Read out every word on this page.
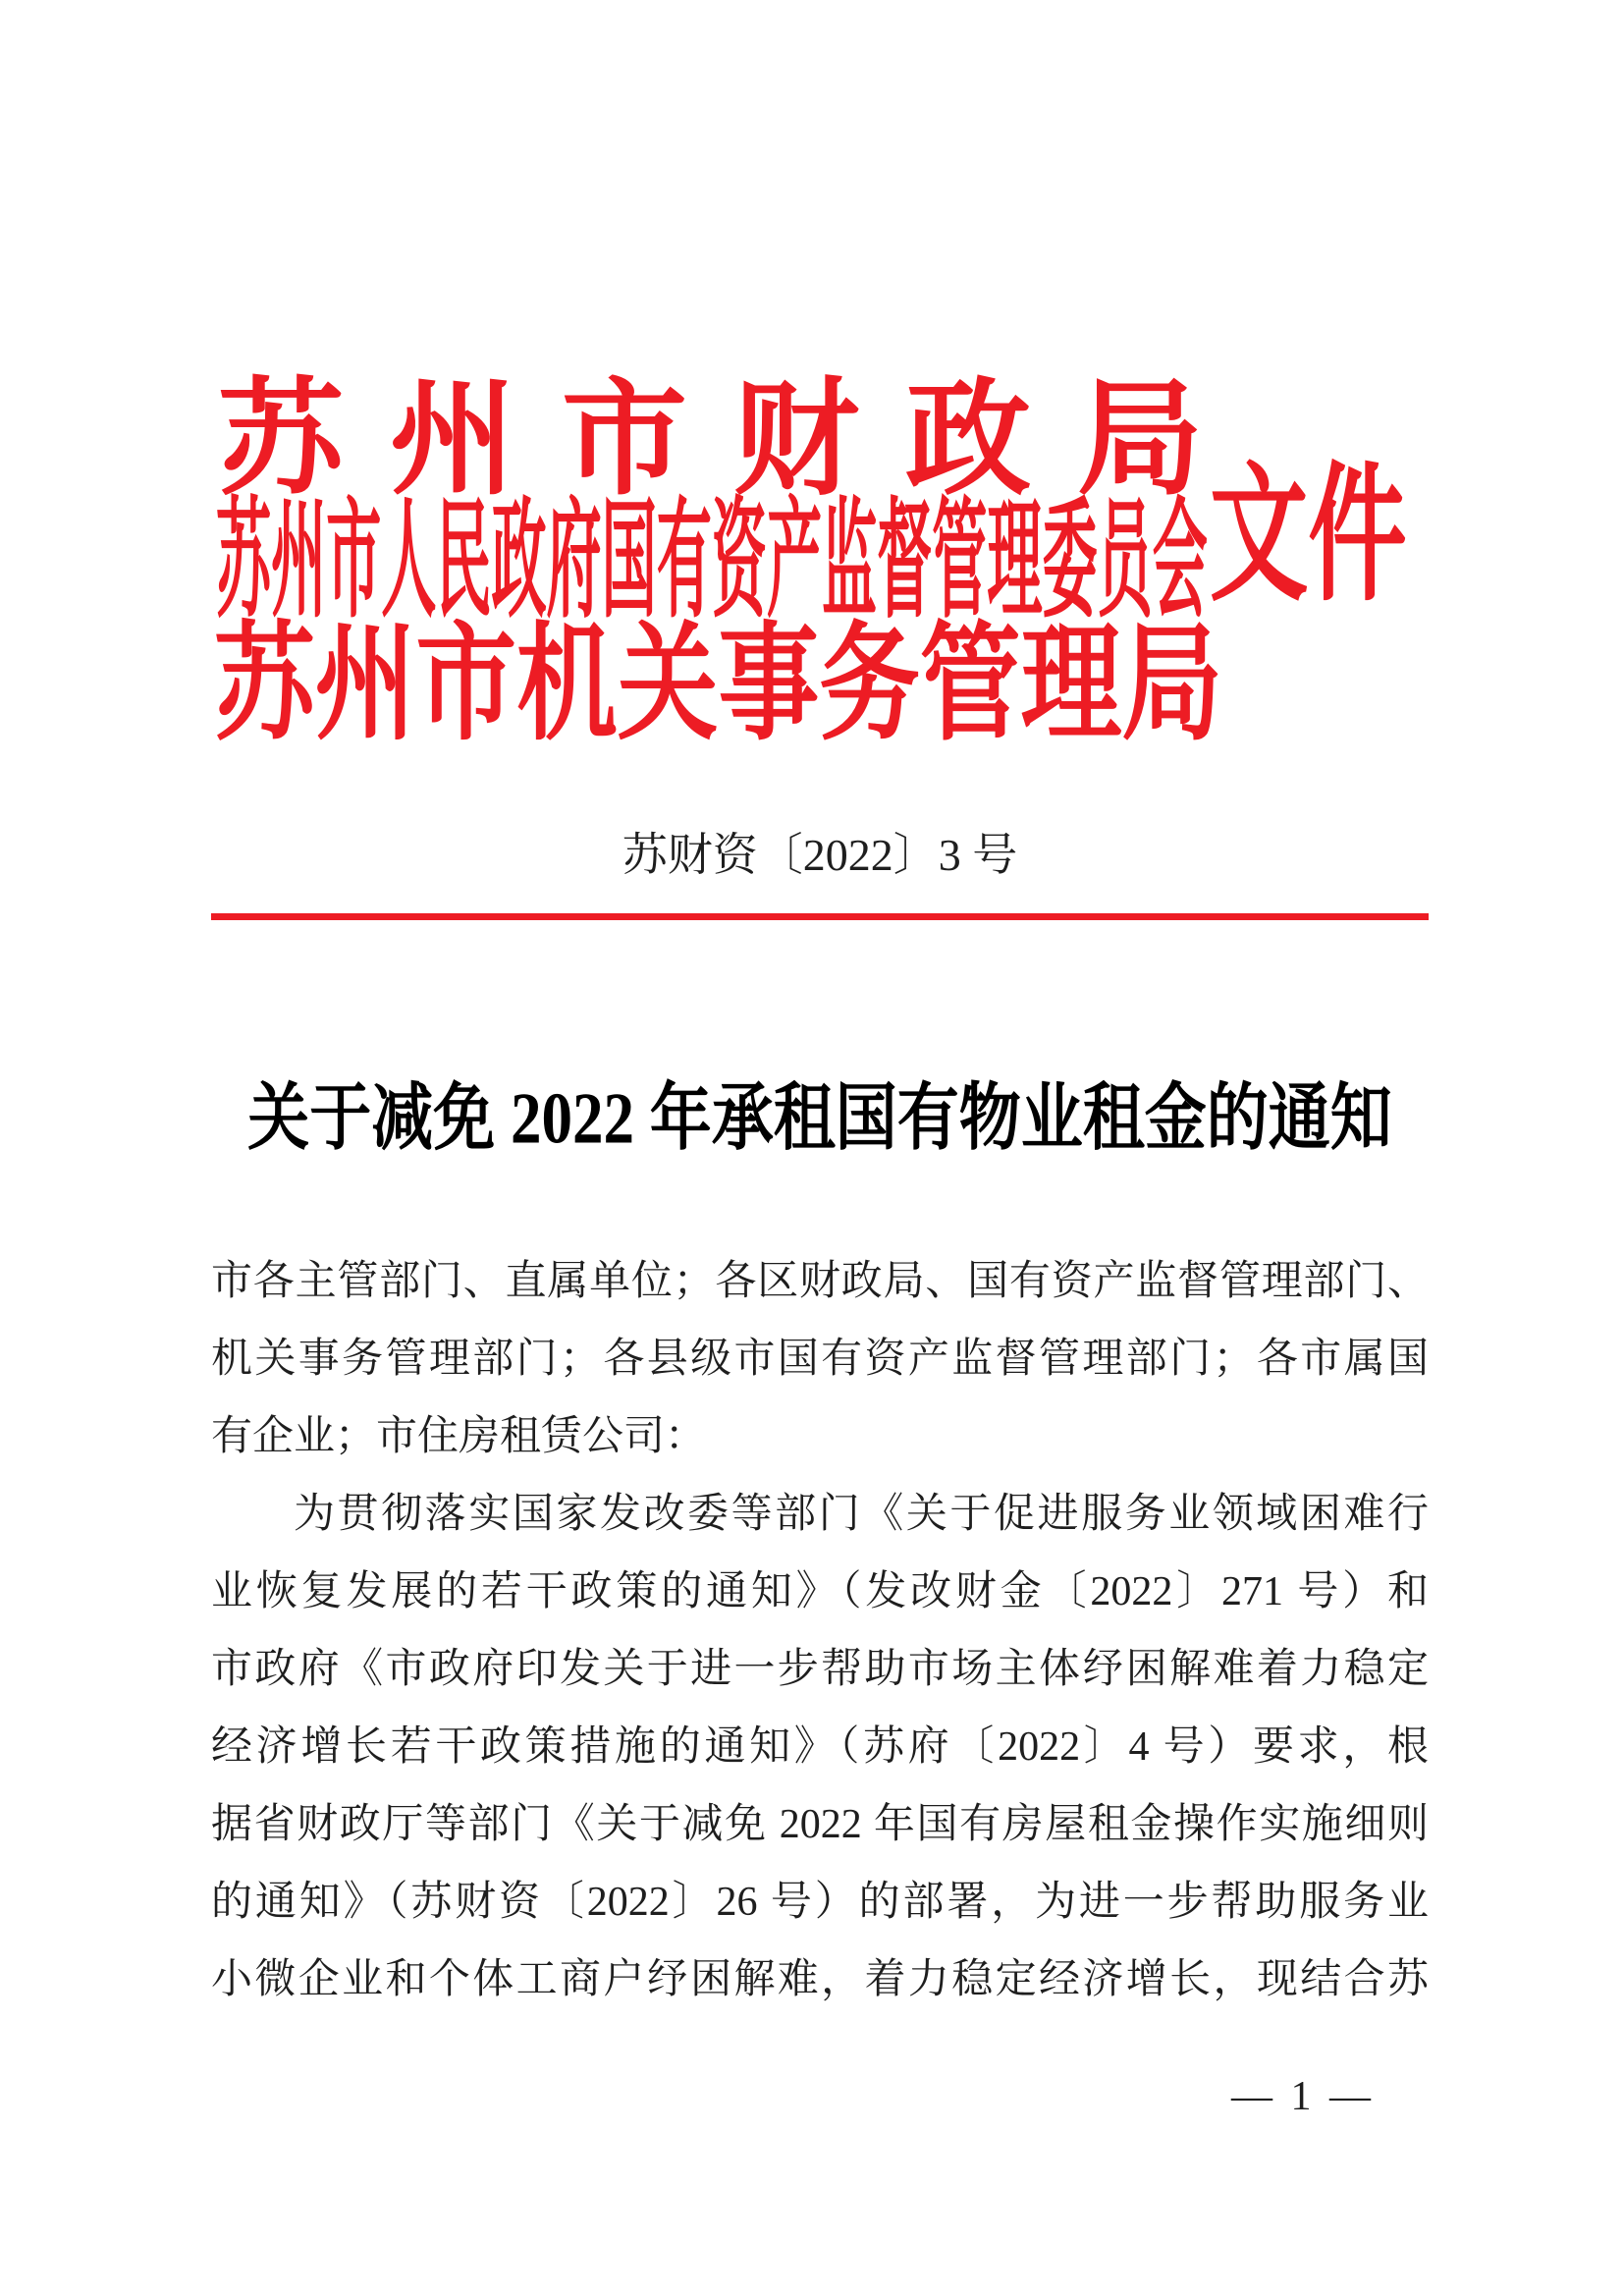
苏州市财政局
苏州市人民政府国有资产监督管理委员会
苏州市机关事务管理局
文件
苏财资〔2022〕3 号
关于减免 2022 年承租国有物业租金的通知
市各主管部门、直属单位；各区财政局、国有资产监督管理部门、
机关事务管理部门；各县级市国有资产监督管理部门；各市属国
有企业；市住房租赁公司：
为贯彻落实国家发改委等部门《关于促进服务业领域困难行
业恢复发展的若干政策的通知》（发改财金〔2022〕271 号）和
市政府《市政府印发关于进一步帮助市场主体纾困解难着力稳定
经济增长若干政策措施的通知》（苏府〔2022〕4 号）要求，根
据省财政厅等部门《关于减免 2022 年国有房屋租金操作实施细则
的通知》（苏财资〔2022〕26 号）的部署，为进一步帮助服务业
小微企业和个体工商户纾困解难，着力稳定经济增长，现结合苏
— 1 —
